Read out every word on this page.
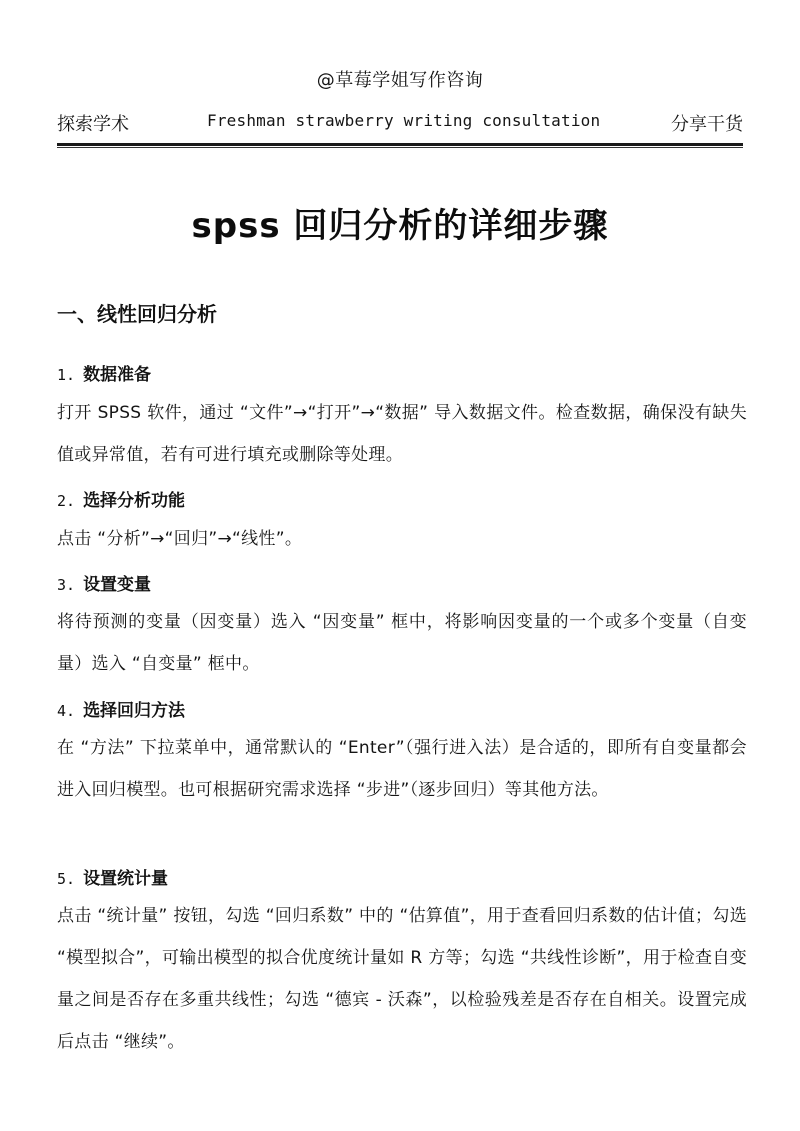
@草莓学姐写作咨询
探索学术	Freshman strawberry writing consultation	分享干货
spss 回归分析的详细步骤
一、线性回归分析
1. 数据准备

打开 SPSS 软件，通过 “文件”→“打开”→“数据” 导入数据文件。检查数据，确保没有缺失值或异常值，若有可进行填充或删除等处理。

2. 选择分析功能

点击 “分析”→“回归”→“线性”。

3. 设置变量

将待预测的变量（因变量）选入 “因变量” 框中，将影响因变量的一个或多个变量（自变量）选入 “自变量” 框中。

4. 选择回归方法

在 “方法” 下拉菜单中，通常默认的 “Enter”（强行进入法）是合适的，即所有自变量都会进入回归模型。也可根据研究需求选择 “步进”（逐步回归）等其他方法。

5. 设置统计量

点击 “统计量” 按钮，勾选 “回归系数” 中的 “估算值”，用于查看回归系数的估计值；勾选 “模型拟合”，可输出模型的拟合优度统计量如 R 方等；勾选 “共线性诊断”，用于检查自变量之间是否存在多重共线性；勾选 “德宾 - 沃森”，以检验残差是否存在自相关。设置完成后点击 “继续”。
